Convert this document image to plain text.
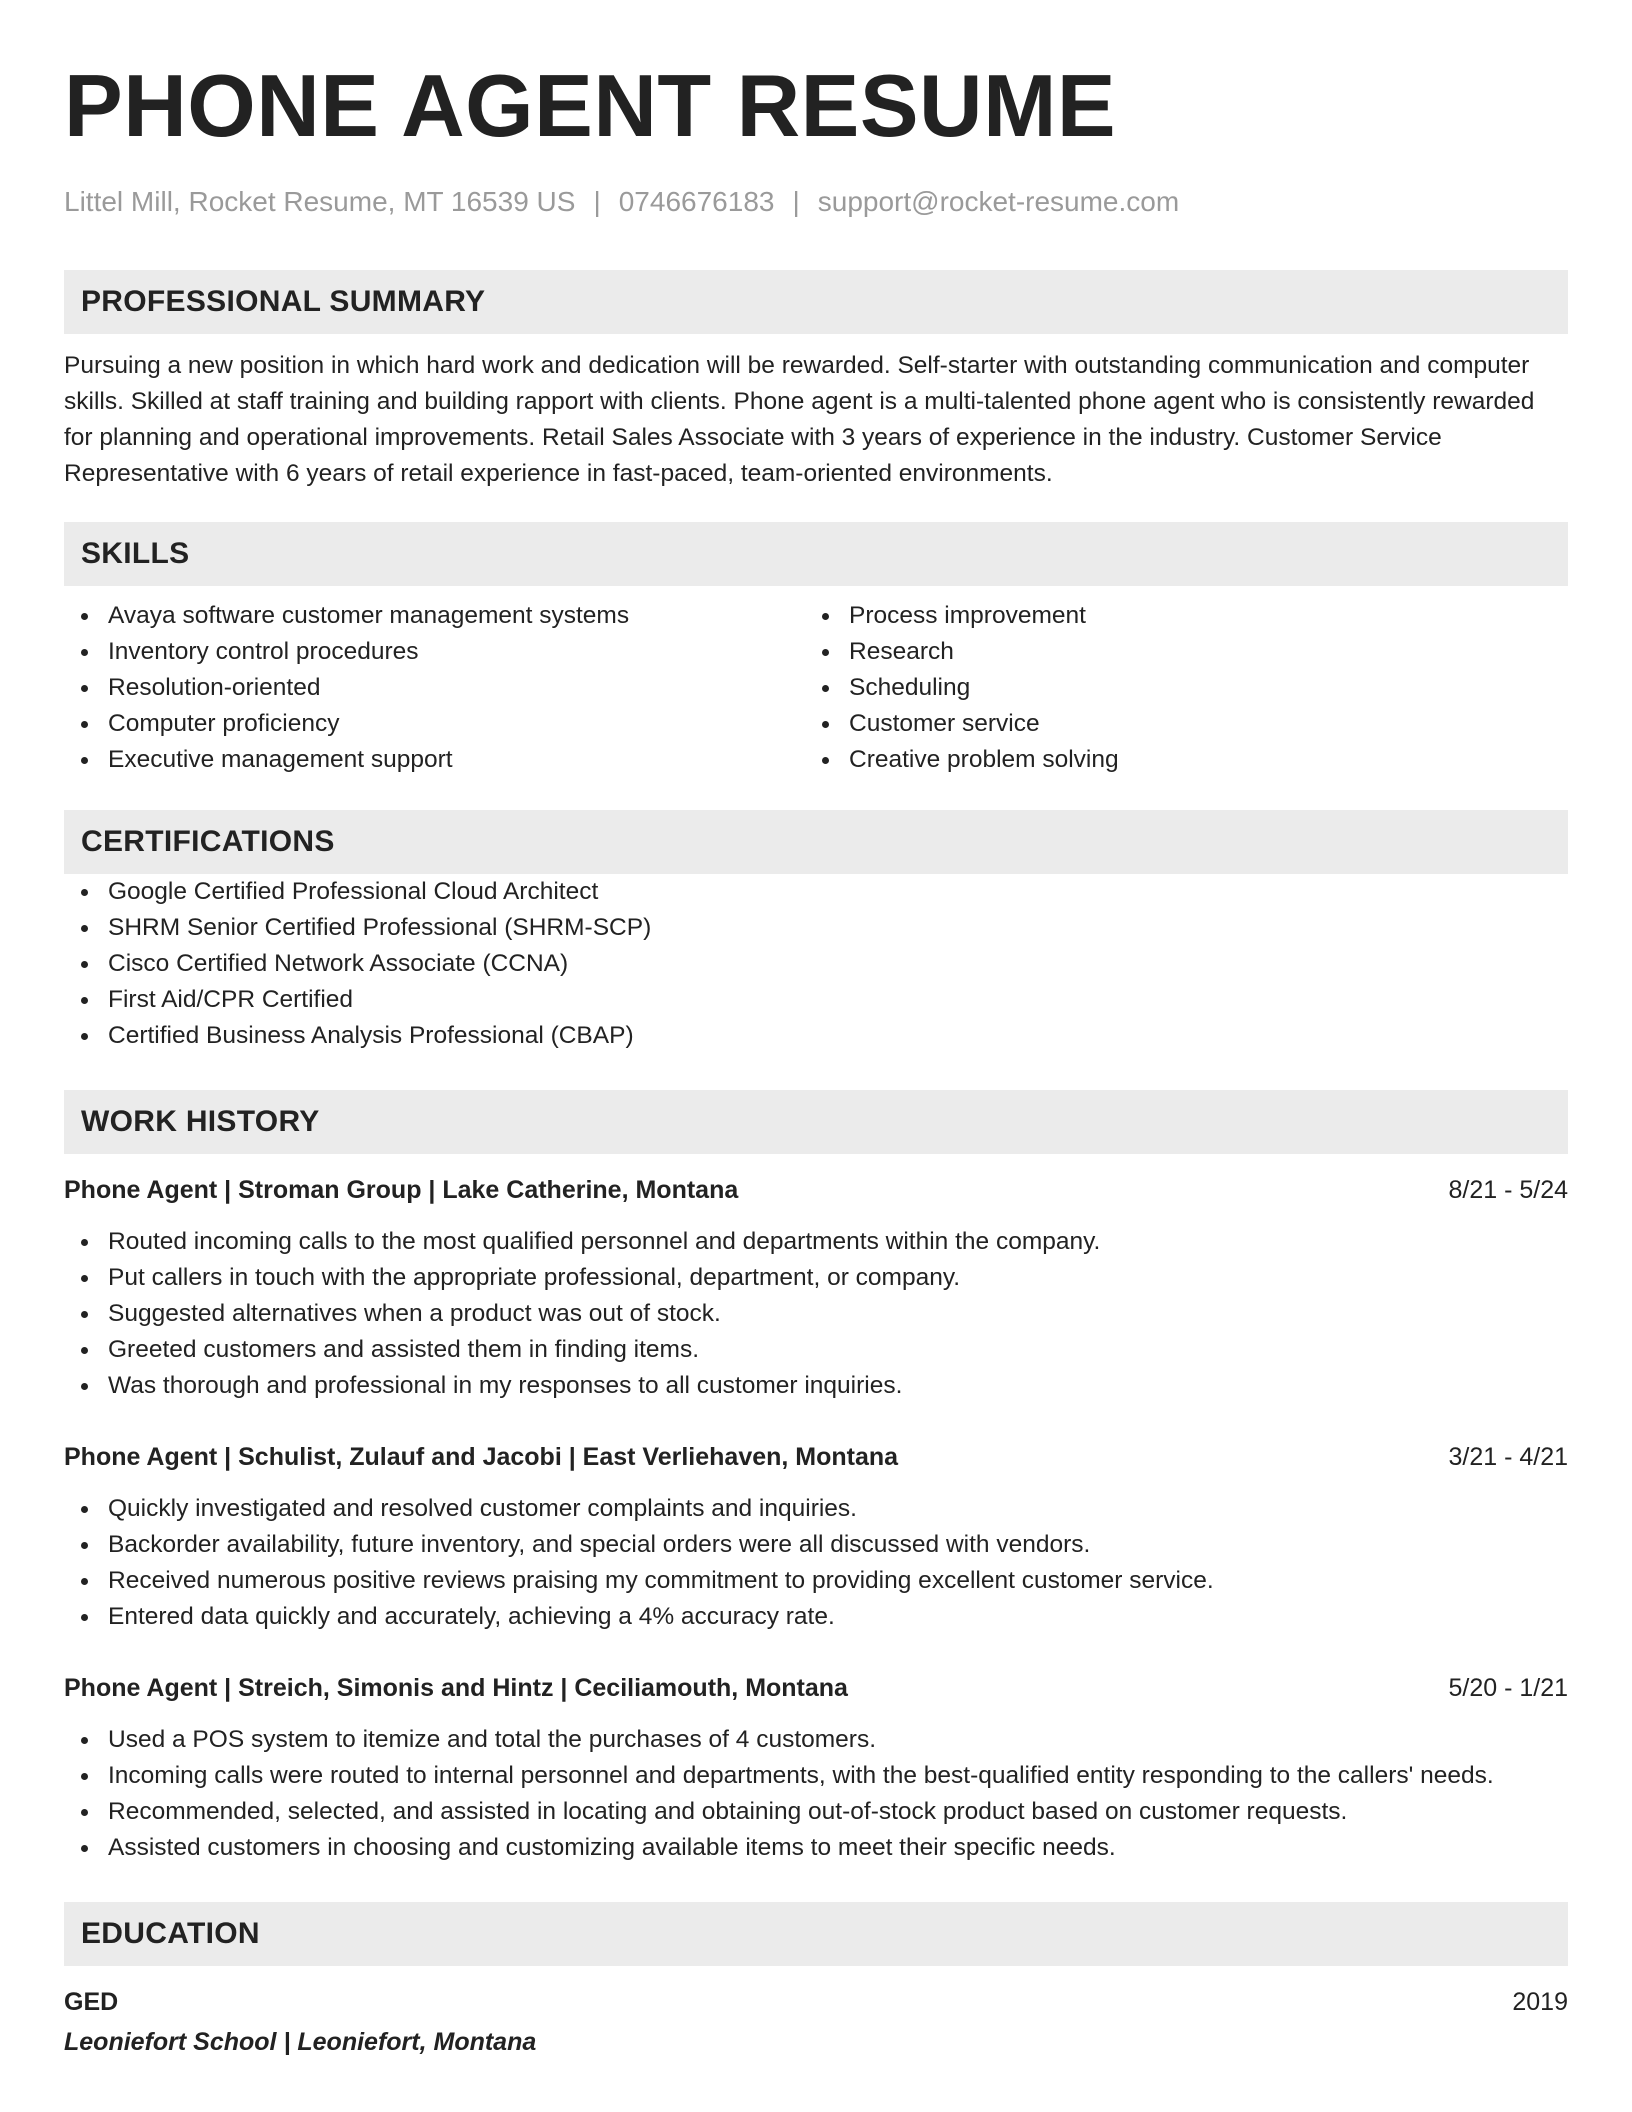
PHONE AGENT RESUME
Littel Mill, Rocket Resume, MT 16539 US | 0746676183 | support@rocket-resume.com
PROFESSIONAL SUMMARY
Pursuing a new position in which hard work and dedication will be rewarded. Self-starter with outstanding communication and computer skills. Skilled at staff training and building rapport with clients. Phone agent is a multi-talented phone agent who is consistently rewarded for planning and operational improvements. Retail Sales Associate with 3 years of experience in the industry. Customer Service Representative with 6 years of retail experience in fast-paced, team-oriented environments.
SKILLS
Avaya software customer management systems
Inventory control procedures
Resolution-oriented
Computer proficiency
Executive management support
Process improvement
Research
Scheduling
Customer service
Creative problem solving
CERTIFICATIONS
Google Certified Professional Cloud Architect
SHRM Senior Certified Professional (SHRM-SCP)
Cisco Certified Network Associate (CCNA)
First Aid/CPR Certified
Certified Business Analysis Professional (CBAP)
WORK HISTORY
Phone Agent | Stroman Group | Lake Catherine, Montana	8/21 - 5/24
Routed incoming calls to the most qualified personnel and departments within the company.
Put callers in touch with the appropriate professional, department, or company.
Suggested alternatives when a product was out of stock.
Greeted customers and assisted them in finding items.
Was thorough and professional in my responses to all customer inquiries.
Phone Agent | Schulist, Zulauf and Jacobi | East Verliehaven, Montana	3/21 - 4/21
Quickly investigated and resolved customer complaints and inquiries.
Backorder availability, future inventory, and special orders were all discussed with vendors.
Received numerous positive reviews praising my commitment to providing excellent customer service.
Entered data quickly and accurately, achieving a 4% accuracy rate.
Phone Agent | Streich, Simonis and Hintz | Ceciliamouth, Montana	5/20 - 1/21
Used a POS system to itemize and total the purchases of 4 customers.
Incoming calls were routed to internal personnel and departments, with the best-qualified entity responding to the callers' needs.
Recommended, selected, and assisted in locating and obtaining out-of-stock product based on customer requests.
Assisted customers in choosing and customizing available items to meet their specific needs.
EDUCATION
GED	2019
Leoniefort School | Leoniefort, Montana
